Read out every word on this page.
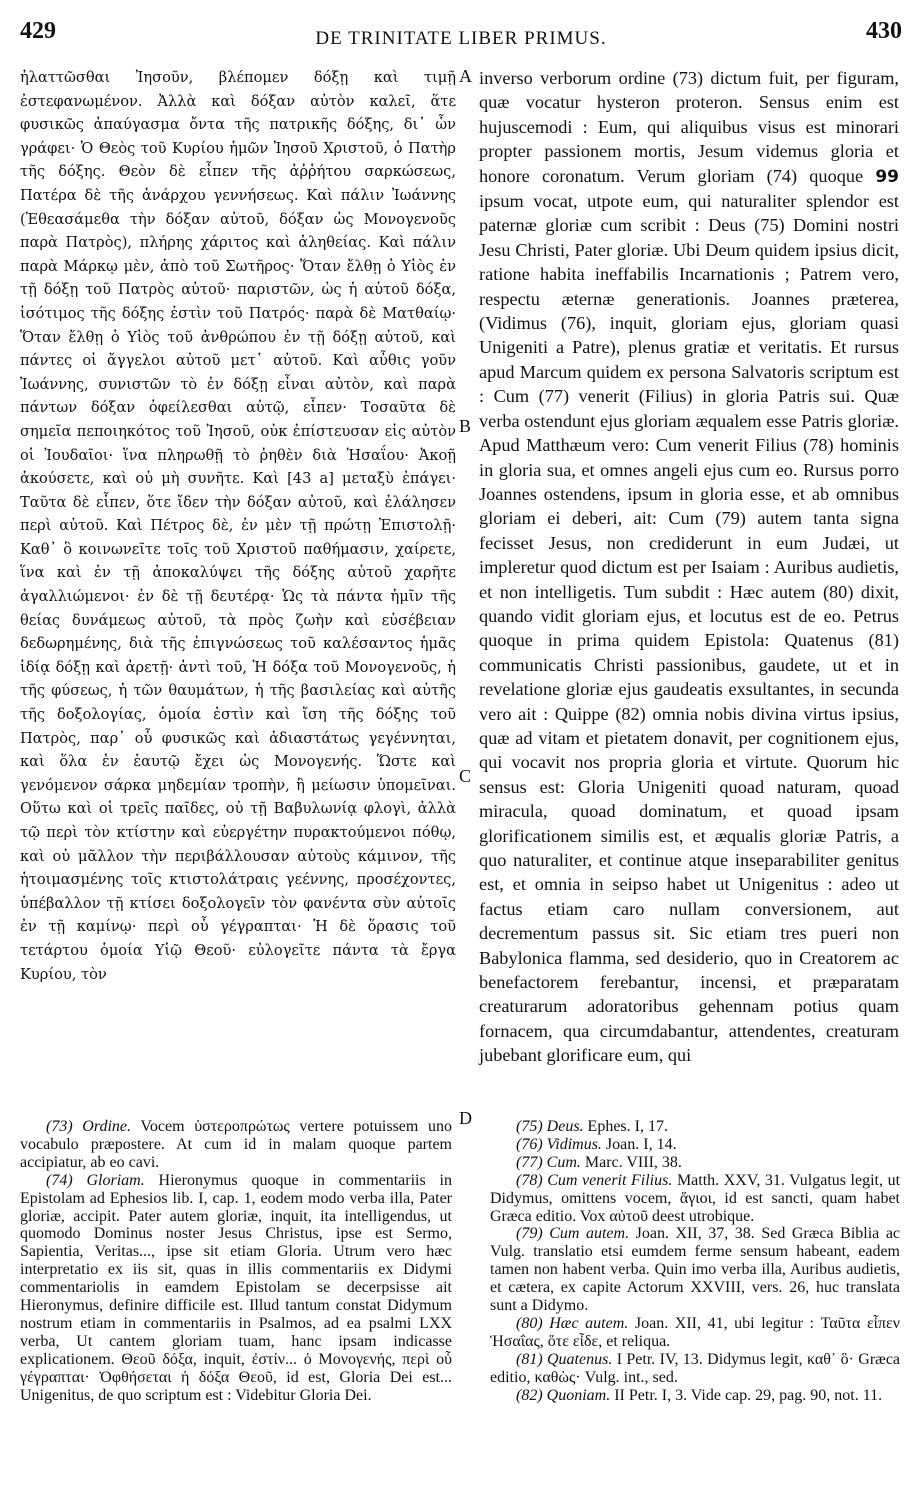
429	DE TRINITATE LIBER PRIMUS.	430

ἠλαττῶσθαι Ἰησοῦν, βλέπομεν δόξῃ καὶ τιμῇ ἐστεφανωμένον. Ἀλλὰ καὶ δόξαν αὐτὸν καλεῖ, ἅτε φυσικῶς ἀπαύγασμα ὄντα τῆς πατρικῆς δόξης, δι᾽ ὧν γράφει· Ὁ Θεὸς τοῦ Κυρίου ἡμῶν Ἰησοῦ Χριστοῦ, ὁ Πατὴρ τῆς δόξης. Θεὸν δὲ εἶπεν τῆς ἀῤῥήτου σαρκώσεως, Πατέρα δὲ τῆς ἀνάρχου γεννήσεως. Καὶ πάλιν Ἰωάννης (Ἐθεασάμεθα τὴν δόξαν αὐτοῦ, δόξαν ὡς Μονογενοῦς παρὰ Πατρὸς), πλήρης χάριτος καὶ ἀληθείας. Καὶ πάλιν παρὰ Μάρκῳ μὲν, ἀπὸ τοῦ Σωτῆρος· Ὅταν ἔλθῃ ὁ Υἱὸς ἐν τῇ δόξῃ τοῦ Πατρὸς αὐτοῦ· παριστῶν, ὡς ἡ αὐτοῦ δόξα, ἰσότιμος τῆς δόξης ἐστὶν τοῦ Πατρός· παρὰ δὲ Ματθαίῳ· Ὅταν ἔλθῃ ὁ Υἱὸς τοῦ ἀνθρώπου ἐν τῇ δόξῃ αὐτοῦ, καὶ πάντες οἱ ἄγγελοι αὐτοῦ μετ᾽ αὐτοῦ. Καὶ αὖθις γοῦν Ἰωάννης, συνιστῶν τὸ ἐν δόξῃ εἶναι αὐτὸν, καὶ παρὰ πάντων δόξαν ὀφείλεσθαι αὐτῷ, εἶπεν· Τοσαῦτα δὲ σημεῖα πεποιηκότος τοῦ Ἰησοῦ, οὐκ ἐπίστευσαν εἰς αὐτὸν οἱ Ἰουδαῖοι· ἵνα πληρωθῇ τὸ ῥηθὲν διὰ Ἡσαΐου· Ἀκοῇ ἀκούσετε, καὶ οὐ μὴ συνῆτε. Καὶ [43 a] μεταξὺ ἐπάγει· Ταῦτα δὲ εἶπεν, ὅτε ἴδεν τὴν δόξαν αὐτοῦ, καὶ ἐλάλησεν περὶ αὐτοῦ. Καὶ Πέτρος δὲ, ἐν μὲν τῇ πρώτῃ Ἐπιστολῇ· Καθ᾽ ὃ κοινωνεῖτε τοῖς τοῦ Χριστοῦ παθήμασιν, χαίρετε, ἵνα καὶ ἐν τῇ ἀποκαλύψει τῆς δόξης αὐτοῦ χαρῆτε ἀγαλλιώμενοι· ἐν δὲ τῇ δευτέρᾳ· Ὡς τὰ πάντα ἡμῖν τῆς θείας δυνάμεως αὐτοῦ, τὰ πρὸς ζωὴν καὶ εὐσέβειαν δεδωρημένης, διὰ τῆς ἐπιγνώσεως τοῦ καλέσαντος ἡμᾶς ἰδίᾳ δόξῃ καὶ ἀρετῇ· ἀντὶ τοῦ, Ἡ δόξα τοῦ Μονογενοῦς, ἡ τῆς φύσεως, ἡ τῶν θαυμάτων, ἡ τῆς βασιλείας καὶ αὐτῆς τῆς δοξολογίας, ὁμοία ἐστὶν καὶ ἴση τῆς δόξης τοῦ Πατρὸς, παρ᾽ οὗ φυσικῶς καὶ ἀδιαστάτως γεγέννηται, καὶ ὅλα ἐν ἑαυτῷ ἔχει ὡς Μονογενής. Ὥστε καὶ γενόμενον σάρκα μηδεμίαν τροπὴν, ἢ μείωσιν ὑπομεῖναι. Οὕτω καὶ οἱ τρεῖς παῖδες, οὐ τῇ Βαβυλωνίᾳ φλογὶ, ἀλλὰ τῷ περὶ τὸν κτίστην καὶ εὐεργέτην πυρακτούμενοι πόθῳ, καὶ οὐ μᾶλλον τὴν περιβάλλουσαν αὐτοὺς κάμινον, τῆς ἡτοιμασμένης τοῖς κτιστολάτραις γεέννης, προσέχοντες, ὑπέβαλλον τῇ κτίσει δοξολογεῖν τὸν φανέντα σὺν αὐτοῖς ἐν τῇ καμίνῳ· περὶ οὗ γέγραπται· Ἡ δὲ ὅρασις τοῦ τετάρτου ὁμοία Υἱῷ Θεοῦ· εὐλογεῖτε πάντα τὰ ἔργα Κυρίου, τὸν

A
B
C
D

inverso verborum ordine (73) dictum fuit, per figuram, quæ vocatur hysteron proteron. Sensus enim est hujuscemodi : Eum, qui aliquibus visus est minorari propter passionem mortis, Jesum videmus gloria et honore coronatum. Verum gloriam (74) quoque 99 ipsum vocat, utpote eum, qui naturaliter splendor est paternæ gloriæ cum scribit : Deus (75) Domini nostri Jesu Christi, Pater gloriæ. Ubi Deum quidem ipsius dicit, ratione habita ineffabilis Incarnationis ; Patrem vero, respectu æternæ generationis. Joannes præterea, (Vidimus (76), inquit, gloriam ejus, gloriam quasi Unigeniti a Patre), plenus gratiæ et veritatis. Et rursus apud Marcum quidem ex persona Salvatoris scriptum est : Cum (77) venerit (Filius) in gloria Patris sui. Quæ verba ostendunt ejus gloriam æqualem esse Patris gloriæ. Apud Matthæum vero: Cum venerit Filius (78) hominis in gloria sua, et omnes angeli ejus cum eo. Rursus porro Joannes ostendens, ipsum in gloria esse, et ab omnibus gloriam ei deberi, ait: Cum (79) autem tanta signa fecisset Jesus, non crediderunt in eum Judæi, ut impleretur quod dictum est per Isaiam : Auribus audietis, et non intelligetis. Tum subdit : Hæc autem (80) dixit, quando vidit gloriam ejus, et locutus est de eo. Petrus quoque in prima quidem Epistola: Quatenus (81) communicatis Christi passionibus, gaudete, ut et in revelatione gloriæ ejus gaudeatis exsultantes, in secunda vero ait : Quippe (82) omnia nobis divina virtus ipsius, quæ ad vitam et pietatem donavit, per cognitionem ejus, qui vocavit nos propria gloria et virtute. Quorum hic sensus est: Gloria Unigeniti quoad naturam, quoad miracula, quoad dominatum, et quoad ipsam glorificationem similis est, et æqualis gloriæ Patris, a quo naturaliter, et continue atque inseparabiliter genitus est, et omnia in seipso habet ut Unigenitus : adeo ut factus etiam caro nullam conversionem, aut decrementum passus sit. Sic etiam tres pueri non Babylonica flamma, sed desiderio, quo in Creatorem ac benefactorem ferebantur, incensi, et præparatam creaturarum adoratoribus gehennam potius quam fornacem, qua circumdabantur, attendentes, creaturam jubebant glorificare eum, qui

(73) Ordine. Vocem ὑστεροπρώτως vertere potuissem uno vocabulo præpostere. At cum id in malam quoque partem accipiatur, ab eo cavi.

(74) Gloriam. Hieronymus quoque in commentariis in Epistolam ad Ephesios lib. I, cap. 1, eodem modo verba illa, Pater gloriæ, accipit. Pater autem gloriæ, inquit, ita intelligendus, ut quomodo Dominus noster Jesus Christus, ipse est Sermo, Sapientia, Veritas..., ipse sit etiam Gloria. Utrum vero hæc interpretatio ex iis sit, quas in illis commentariis ex Didymi commentariolis in eamdem Epistolam se decerpsisse ait Hieronymus, definire difficile est. Illud tantum constat Didymum nostrum etiam in commentariis in Psalmos, ad ea psalmi LXX verba, Ut cantem gloriam tuam, hanc ipsam indicasse explicationem. Θεοῦ δόξα, inquit, ἐστίν... ὁ Μονογενής, περὶ οὗ γέγραπται· Ὀφθήσεται ἡ δόξα Θεοῦ, id est, Gloria Dei est... Unigenitus, de quo scriptum est : Videbitur Gloria Dei.

(75) Deus. Ephes. I, 17.

(76) Vidimus. Joan. I, 14.

(77) Cum. Marc. VIII, 38.

(78) Cum venerit Filius. Matth. XXV, 31. Vulgatus legit, ut Didymus, omittens vocem, ἅγιοι, id est sancti, quam habet Græca editio. Vox αὐτοῦ deest utrobique.

(79) Cum autem. Joan. XII, 37, 38. Sed Græca Biblia ac Vulg. translatio etsi eumdem ferme sensum habeant, eadem tamen non habent verba. Quin imo verba illa, Auribus audietis, et cætera, ex capite Actorum XXVIII, vers. 26, huc translata sunt a Didymo.

(80) Hæc autem. Joan. XII, 41, ubi legitur : Ταῦτα εἶπεν Ἡσαΐας, ὅτε εἶδε, et reliqua.

(81) Quatenus. I Petr. IV, 13. Didymus legit, καθ᾽ ὃ· Græca editio, καθὼς· Vulg. int., sed.

(82) Quoniam. II Petr. I, 3. Vide cap. 29, pag. 90, not. 11.
